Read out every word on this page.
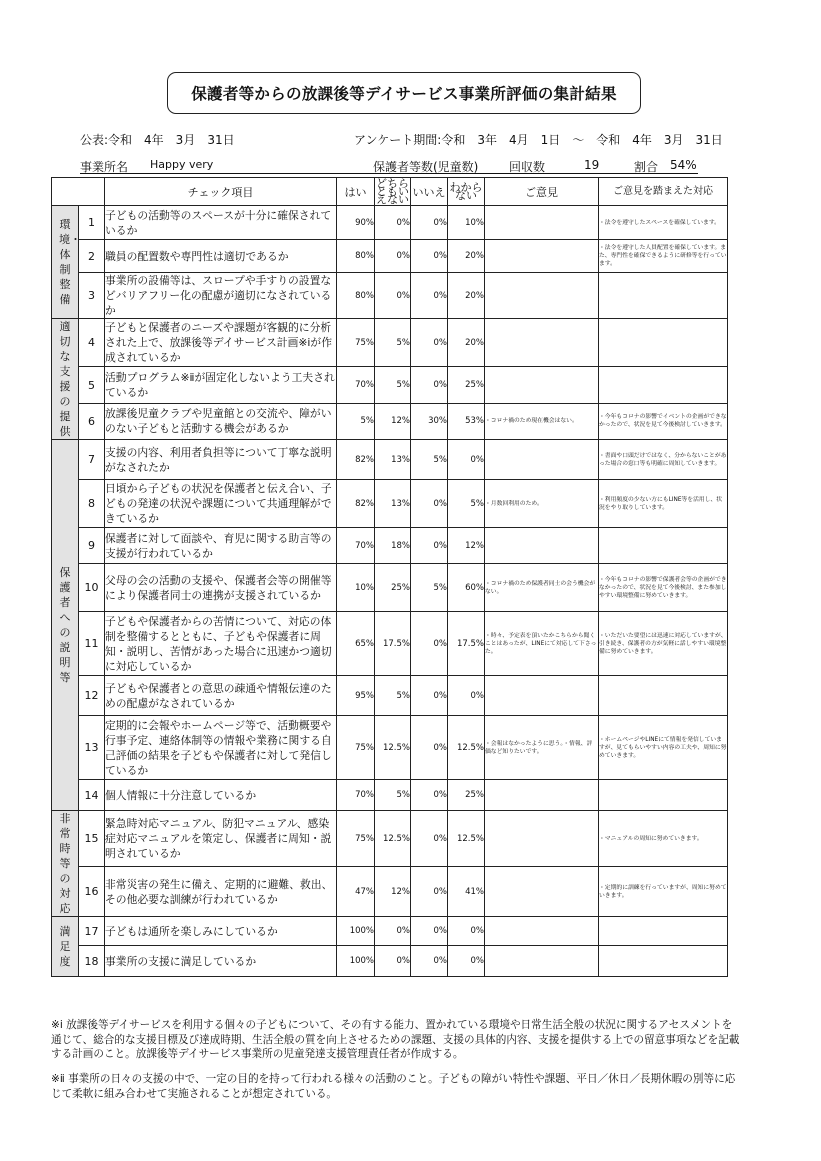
保護者等からの放課後等デイサービス事業所評価の集計結果
公表:令和　4年　3月　31日	アンケート期間:令和　3年　4月　1日　～　令和　4年　3月　31日
事業所名 Happy very	保護者等数(児童数)	回収数	19	割合 54%
		チェック項目	はい	どちらともいえない	いいえ	わからない	ご意見	ご意見を踏まえた対応
環境・体制整備	1	子どもの活動等のスペースが十分に確保されているか	90%	0%	0%	10%		・法令を遵守したスペースを確保しています。
	2	職員の配置数や専門性は適切であるか	80%	0%	0%	20%		・法令を遵守した人員配置を確保しています。また、専門性を確保できるように研修等を行っています。
	3	事業所の設備等は、スロープや手すりの設置などバリアフリー化の配慮が適切になされているか	80%	0%	0%	20%		
適切な支援の提供	4	子どもと保護者のニーズや課題が客観的に分析された上で、放課後等デイサービス計画※ⅰが作成されているか	75%	5%	0%	20%		
	5	活動プログラム※ⅱが固定化しないよう工夫されているか	70%	5%	0%	25%		
	6	放課後児童クラブや児童館との交流や、障がいのない子どもと活動する機会があるか	5%	12%	30%	53%	・コロナ禍のため現在機会はない。	・今年もコロナの影響でイベントの企画ができなかったので、状況を見て今後検討していきます。
保護者への説明等	7	支援の内容、利用者負担等について丁寧な説明がなされたか	82%	13%	5%	0%		・書面や口頭だけではなく、分からないことがあった場合の窓口等も明確に周知していきます。
	8	日頃から子どもの状況を保護者と伝え合い、子どもの発達の状況や課題について共通理解ができているか	82%	13%	0%	5%	・月数回利用のため。	・利用頻度の少ない方にもLINE等を活用し、状況をやり取りしています。
	9	保護者に対して面談や、育児に関する助言等の支援が行われているか	70%	18%	0%	12%		
	10	父母の会の活動の支援や、保護者会等の開催等により保護者同士の連携が支援されているか	10%	25%	5%	60%	・コロナ禍のため保護者同士の会う機会がない。	・今年もコロナの影響で保護者会等の企画ができなかったので、状況を見て今後検討、また参加しやすい環境整備に努めていきます。
	11	子どもや保護者からの苦情について、対応の体制を整備するとともに、子どもや保護者に周知・説明し、苦情があった場合に迅速かつ適切に対応しているか	65%	17.5%	0%	17.5%	・時々、予定表を頂いたかこちらから聞くことはあったが、LINEにて対応して下さった。	・いただいた要望には迅速に対応していますが、引き続き、保護者の方が気軽に話しやすい環境整備に努めていきます。
	12	子どもや保護者との意思の疎通や情報伝達のための配慮がなされているか	95%	5%	0%	0%		
	13	定期的に会報やホームページ等で、活動概要や行事予定、連絡体制等の情報や業務に関する自己評価の結果を子どもや保護者に対して発信しているか	75%	12.5%	0%	12.5%	・会報はなかったように思う。・情報、評価など知りたいです。	・ホームページやLINEにて情報を発信していますが、見てもらいやすい内容の工夫や、周知に努めていきます。
	14	個人情報に十分注意しているか	70%	5%	0%	25%		
非常時等の対応	15	緊急時対応マニュアル、防犯マニュアル、感染症対応マニュアルを策定し、保護者に周知・説明されているか	75%	12.5%	0%	12.5%		・マニュアルの周知に努めていきます。
	16	非常災害の発生に備え、定期的に避難、救出、その他必要な訓練が行われているか	47%	12%	0%	41%		・定期的に訓練を行っていますが、周知に努めていきます。
満足度	17	子どもは通所を楽しみにしているか	100%	0%	0%	0%		
	18	事業所の支援に満足しているか	100%	0%	0%	0%		
※ⅰ 放課後等デイサービスを利用する個々の子どもについて、その有する能力、置かれている環境や日常生活全般の状況に関するアセスメントを通じて、総合的な支援目標及び達成時期、生活全般の質を向上させるための課題、支援の具体的内容、支援を提供する上での留意事項などを記載する計画のこと。放課後等デイサービス事業所の児童発達支援管理責任者が作成する。
※ⅱ 事業所の日々の支援の中で、一定の目的を持って行われる様々の活動のこと。子どもの障がい特性や課題、平日／休日／長期休暇の別等に応じて柔軟に組み合わせて実施されることが想定されている。
